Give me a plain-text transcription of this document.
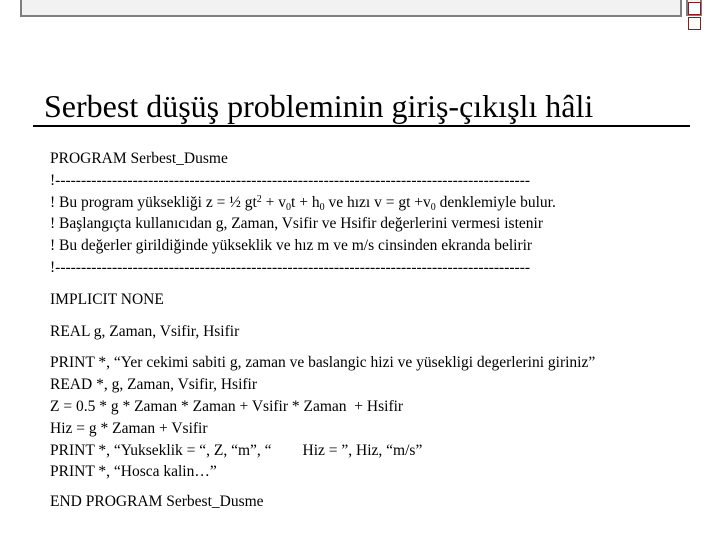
Serbest düşüş probleminin giriş-çıkışlı hâli
PROGRAM Serbest_Dusme
!--------------------------------------------------------------------------------------------
! Bu program yüksekliği z = ½ $gt^2 + v_0t + h_0$ ve hızı v = gt $+v_0$ denklemiyle bulur.
! Başlangıçta kullanıcıdan g, Zaman, Vsifir ve Hsifir değerlerini vermesi istenir
! Bu değerler girildiğinde yükseklik ve hız m ve m/s cinsinden ekranda belirir
!--------------------------------------------------------------------------------------------
IMPLICIT NONE
REAL g, Zaman, Vsifir, Hsifir
PRINT *, “Yer cekimi sabiti g, zaman ve baslangic hizi ve yüsekligi degerlerini giriniz”
READ *, g, Zaman, Vsifir, Hsifir
Z = 0.5 * g * Zaman * Zaman + Vsifir * Zaman  + Hsifir
Hiz = g * Zaman + Vsifir
PRINT *, “Yukseklik = “, Z, “m”, “        Hiz = ”, Hiz, “m/s”
PRINT *, “Hosca kalin…”
END PROGRAM Serbest_Dusme
